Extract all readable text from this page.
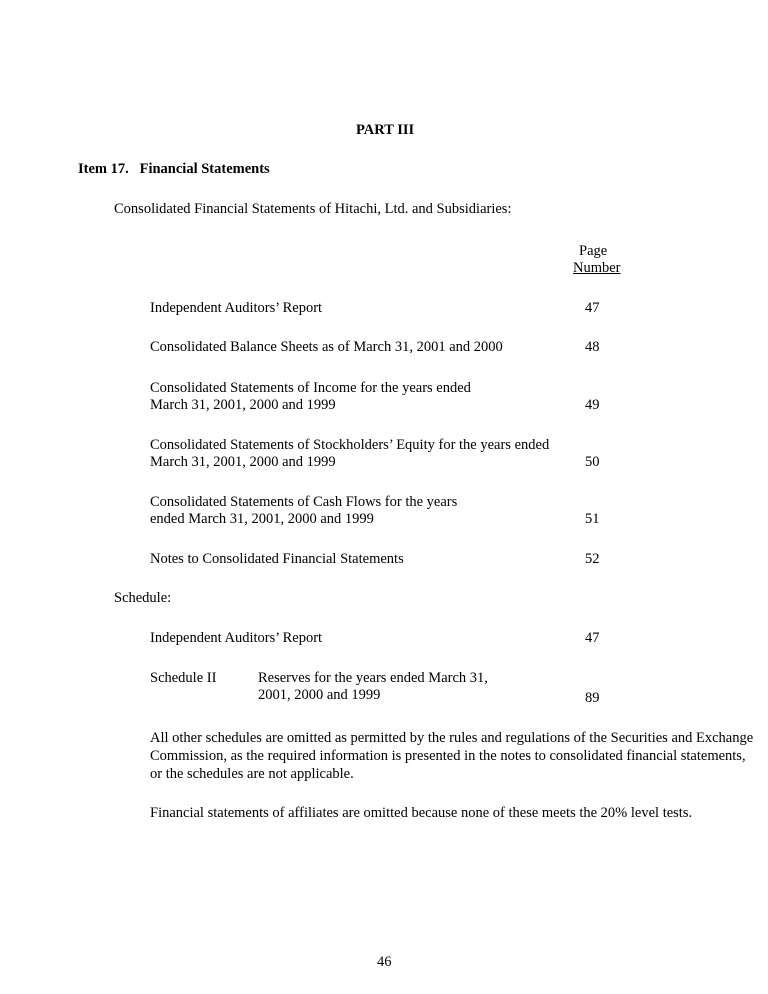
PART III
Item 17.   Financial Statements
Consolidated Financial Statements of Hitachi, Ltd. and Subsidiaries:
Page
Number
Independent Auditors’ Report	47
Consolidated Balance Sheets as of March 31, 2001 and 2000	48
Consolidated Statements of Income for the years ended
March 31, 2001, 2000 and 1999	49
Consolidated Statements of Stockholders’ Equity for the years ended
March 31, 2001, 2000 and 1999	50
Consolidated Statements of Cash Flows for the years
ended March 31, 2001, 2000 and 1999	51
Notes to Consolidated Financial Statements	52
Schedule:
Independent Auditors’ Report	47
Schedule II	Reserves for the years ended March 31,
2001, 2000 and 1999	89
All other schedules are omitted as permitted by the rules and regulations of the Securities and Exchange
Commission, as the required information is presented in the notes to consolidated financial statements,
or the schedules are not applicable.
Financial statements of affiliates are omitted because none of these meets the 20% level tests.
46
